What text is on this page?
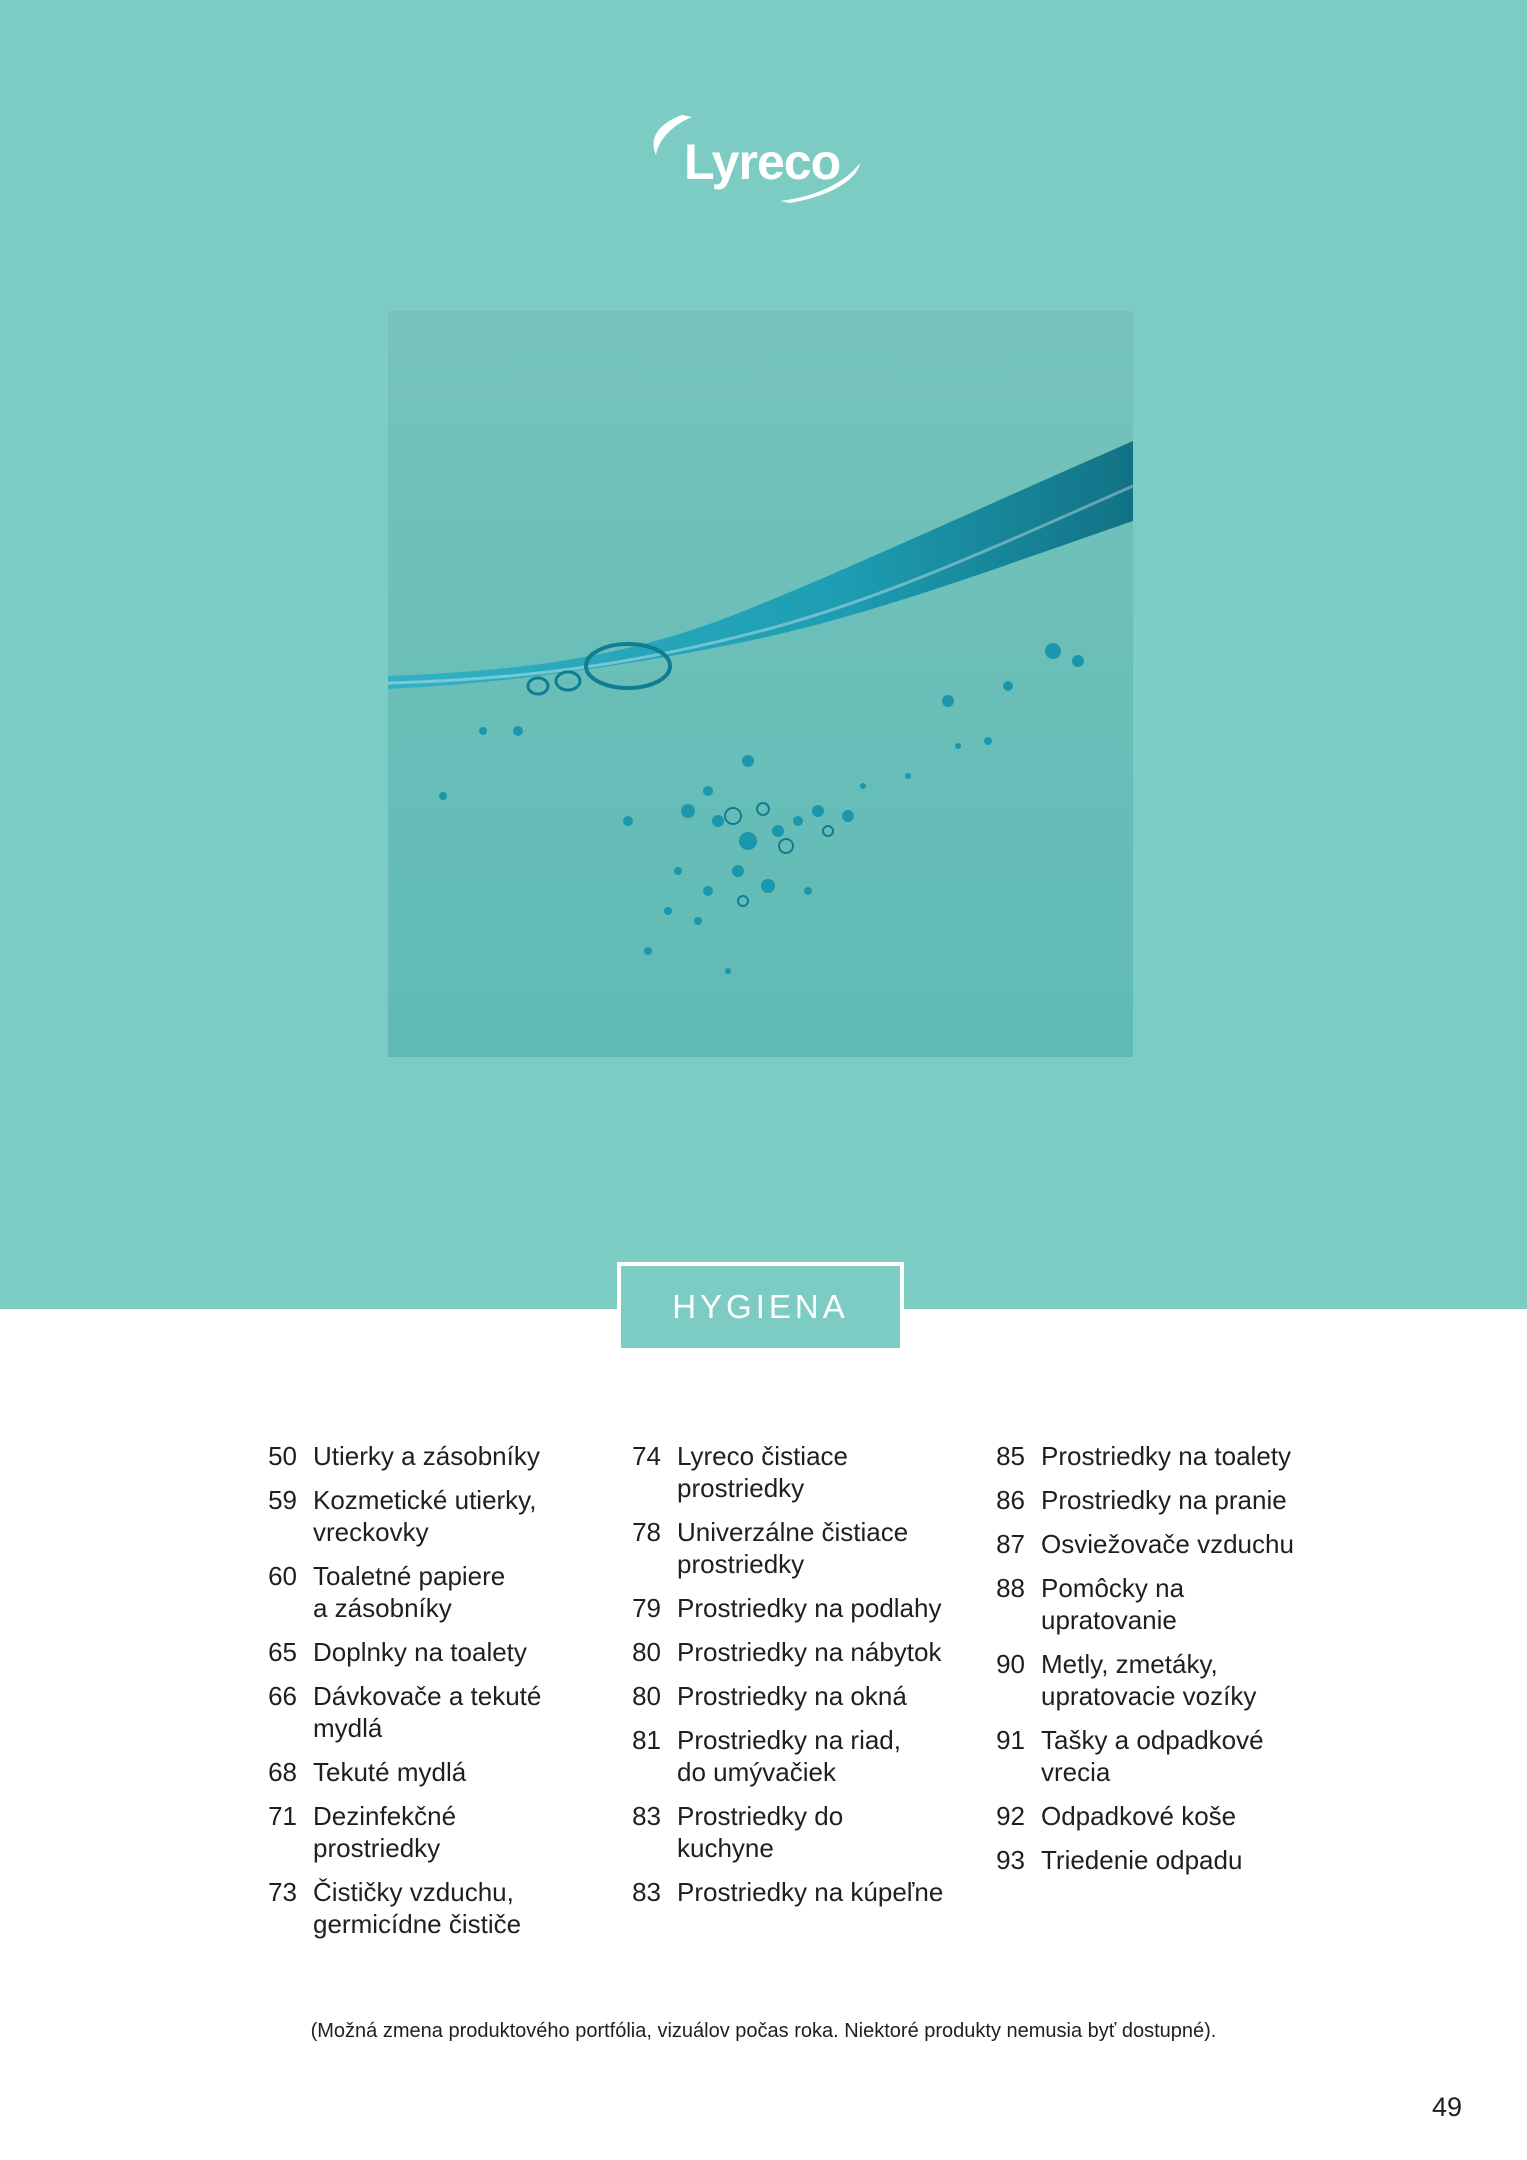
Lyreco
HYGIENA
50 Utierky a zásobníky
59 Kozmetické utierky,
vreckovky
60 Toaletné papiere
a zásobníky
65 Doplnky na toalety
66 Dávkovače a tekuté
mydlá
68 Tekuté mydlá
71 Dezinfekčné
prostriedky
73 Čističky vzduchu,
germicídne čističe
74 Lyreco čistiace
prostriedky
78 Univerzálne čistiace
prostriedky
79 Prostriedky na podlahy
80 Prostriedky na nábytok
80 Prostriedky na okná
81 Prostriedky na riad,
do umývačiek
83 Prostriedky do
kuchyne
83 Prostriedky na kúpeľne
85 Prostriedky na toalety
86 Prostriedky na pranie
87 Osviežovače vzduchu
88 Pomôcky na
upratovanie
90 Metly, zmetáky,
upratovacie vozíky
91 Tašky a odpadkové
vrecia
92 Odpadkové koše
93 Triedenie odpadu
(Možná zmena produktového portfólia, vizuálov počas roka. Niektoré produkty nemusia byť dostupné).
49
